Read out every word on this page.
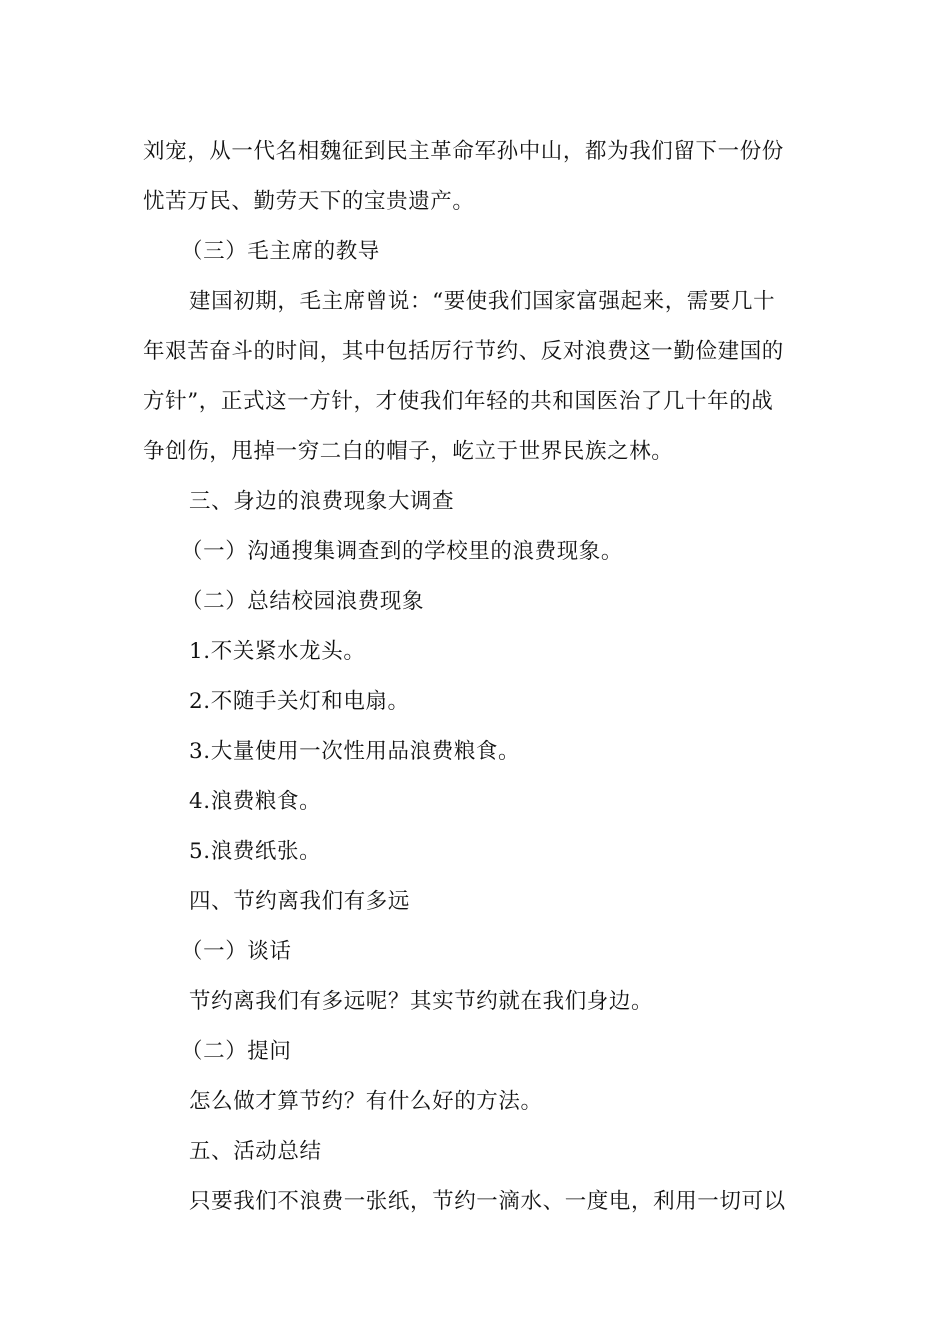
刘宠，从一代名相魏征到民主革命军孙中山，都为我们留下一份份
忧苦万民、勤劳天下的宝贵遗产。
（三）毛主席的教导
建国初期，毛主席曾说：“要使我们国家富强起来，需要几十
年艰苦奋斗的时间，其中包括厉行节约、反对浪费这一勤俭建国的
方针”，正式这一方针，才使我们年轻的共和国医治了几十年的战
争创伤，甩掉一穷二白的帽子，屹立于世界民族之林。
三、身边的浪费现象大调查
（一）沟通搜集调查到的学校里的浪费现象。
（二）总结校园浪费现象
1.不关紧水龙头。
2.不随手关灯和电扇。
3.大量使用一次性用品浪费粮食。
4.浪费粮食。
5.浪费纸张。
四、节约离我们有多远
（一）谈话
节约离我们有多远呢？其实节约就在我们身边。
（二）提问
怎么做才算节约？有什么好的方法。
五、活动总结
只要我们不浪费一张纸，节约一滴水、一度电，利用一切可以
